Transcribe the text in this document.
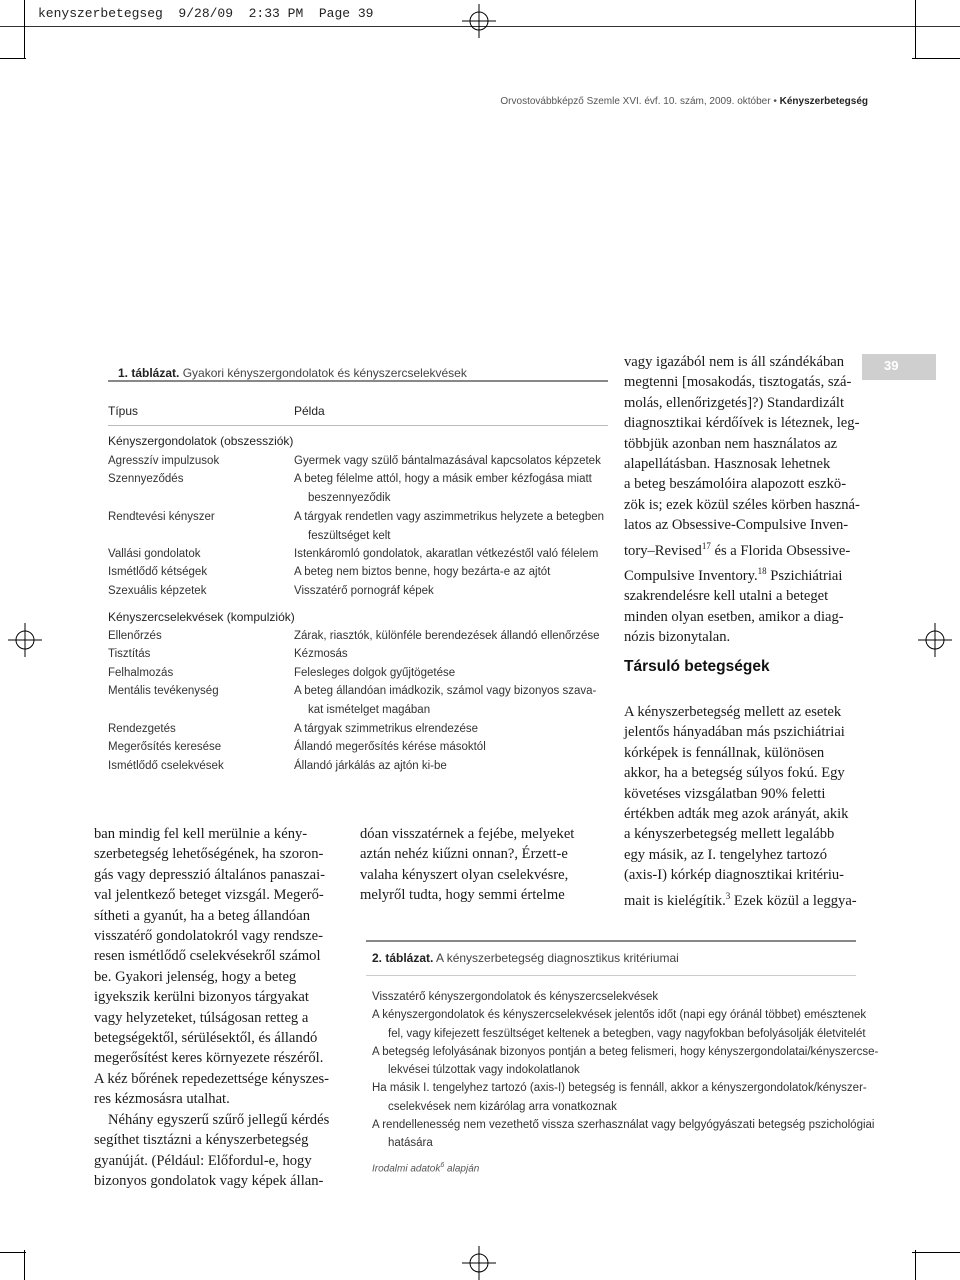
kenyszerbetegseg  9/28/09  2:33 PM  Page 39
Orvostovábbképző Szemle XVI. évf. 10. szám, 2009. október • Kényszerbetegség
39
1. táblázat. Gyakori kényszergondolatok és kényszercselekvések
Típus	Példa
Kényszergondolatok (obszessziók)
Agresszív impulzusok	Gyermek vagy szülő bántalmazásával kapcsolatos képzetek
Szennyeződés	A beteg félelme attól, hogy a másik ember kézfogása miatt
beszennyeződik
Rendtevési kényszer	A tárgyak rendetlen vagy aszimmetrikus helyzete a betegben
feszültséget kelt
Vallási gondolatok	Istenkáromló gondolatok, akaratlan vétkezéstől való félelem
Ismétlődő kétségek	A beteg nem biztos benne, hogy bezárta-e az ajtót
Szexuális képzetek	Visszatérő pornográf képek
Kényszercselekvések (kompulziók)
Ellenőrzés	Zárak, riasztók, különféle berendezések állandó ellenőrzése
Tisztítás	Kézmosás
Felhalmozás	Felesleges dolgok gyűjtögetése
Mentális tevékenység	A beteg állandóan imádkozik, számol vagy bizonyos szava-
kat ismételget magában
Rendezgetés	A tárgyak szimmetrikus elrendezése
Megerősítés keresése	Állandó megerősítés kérése másoktól
Ismétlődő cselekvések	Állandó járkálás az ajtón ki-be
ban mindig fel kell merülnie a kény-
szerbetegség lehetőségének, ha szoron-
gás vagy depresszió általános panaszai-
val jelentkező beteget vizsgál. Megerő-
sítheti a gyanút, ha a beteg állandóan
visszatérő gondolatokról vagy rendsze-
resen ismétlődő cselekvésekről számol
be. Gyakori jelenség, hogy a beteg
igyekszik kerülni bizonyos tárgyakat
vagy helyzeteket, túlságosan retteg a
betegségektől, sérülésektől, és állandó
megerősítést keres környezete részéről.
A kéz bőrének repedezettsége kényszes-
res kézmosásra utalhat.
Néhány egyszerű szűrő jellegű kérdés
segíthet tisztázni a kényszerbetegség
gyanúját. (Például: Előfordul-e, hogy
bizonyos gondolatok vagy képek állan-
dóan visszatérnek a fejébe, melyeket
aztán nehéz kiűzni onnan?, Érzett-e
valaha kényszert olyan cselekvésre,
melyről tudta, hogy semmi értelme
vagy igazából nem is áll szándékában
megtenni [mosakodás, tisztogatás, szá-
molás, ellenőrizgetés]?) Standardizált
diagnosztikai kérdőívek is léteznek, leg-
többjük azonban nem használatos az
alapellátásban. Hasznosak lehetnek
a beteg beszámolóira alapozott eszkö-
zök is; ezek közül széles körben haszná-
latos az Obsessive-Compulsive Inven-
tory–Revised$^{17}$ és a Florida Obsessive-
Compulsive Inventory.$^{18}$ Pszichiátriai
szakrendelésre kell utalni a beteget
minden olyan esetben, amikor a diag-
nózis bizonytalan.
Társuló betegségek
A kényszerbetegség mellett az esetek
jelentős hányadában más pszichiátriai
kórképek is fennállnak, különösen
akkor, ha a betegség súlyos fokú. Egy
követéses vizsgálatban 90% feletti
értékben adták meg azok arányát, akik
a kényszerbetegség mellett legalább
egy másik, az I. tengelyhez tartozó
(axis-I) kórkép diagnosztikai kritériu-
mait is kielégítik.$^3$ Ezek közül a leggya-
2. táblázat. A kényszerbetegség diagnosztikus kritériumai
Visszatérő kényszergondolatok és kényszercselekvések
A kényszergondolatok és kényszercselekvések jelentős időt (napi egy óránál többet) emésztenek
fel, vagy kifejezett feszültséget keltenek a betegben, vagy nagyfokban befolyásolják életvitelét
A betegség lefolyásának bizonyos pontján a beteg felismeri, hogy kényszergondolatai/kényszercse-
lekvései túlzottak vagy indokolatlanok
Ha másik I. tengelyhez tartozó (axis-I) betegség is fennáll, akkor a kényszergondolatok/kényszer-
cselekvések nem kizárólag arra vonatkoznak
A rendellenesség nem vezethető vissza szerhasználat vagy belgyógyászati betegség pszichológiai
hatására
Irodalmi adatok$^6$ alapján
